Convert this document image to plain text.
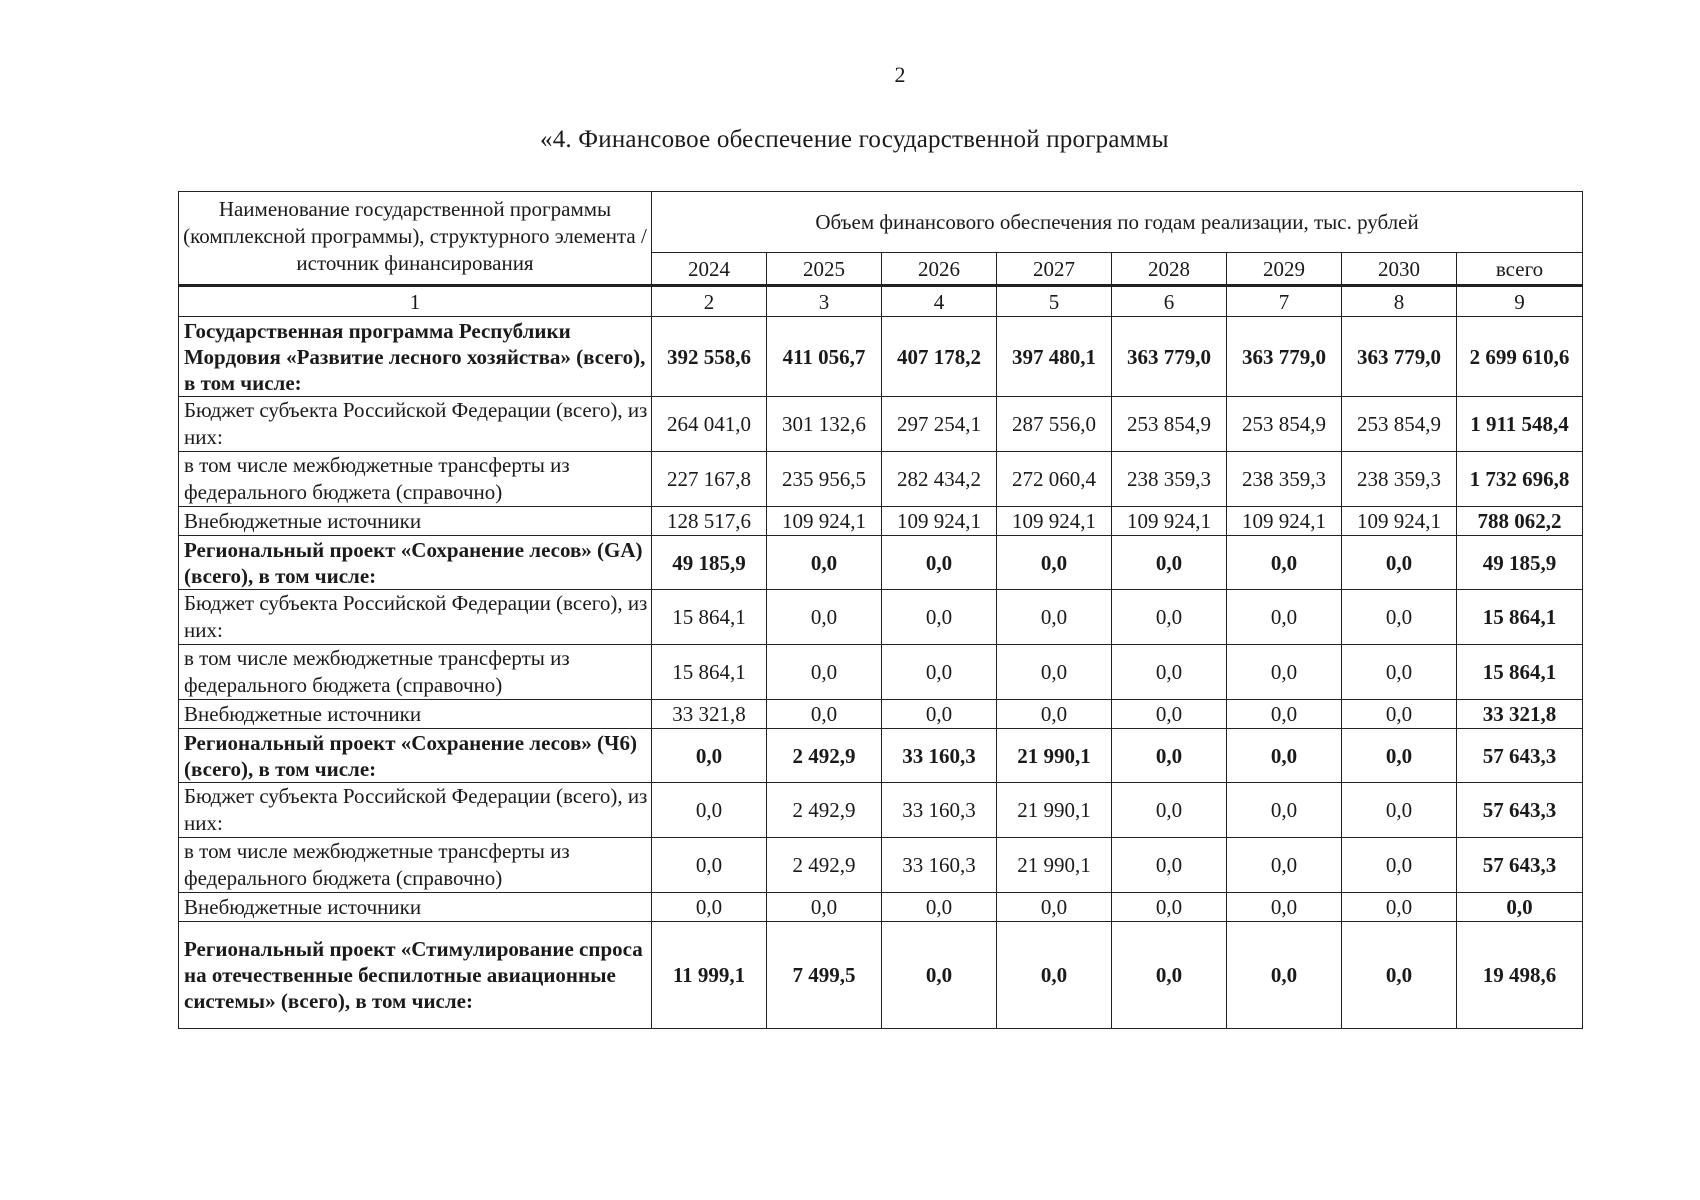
2
«4. Финансовое обеспечение государственной программы
Наименование государственной программы (комплексной программы), структурного элемента / источник финансирования	Объем финансового обеспечения по годам реализации, тыс. рублей							
	2024	2025	2026	2027	2028	2029	2030	всего
1	2	3	4	5	6	7	8	9
Государственная программа Республики Мордовия «Развитие лесного хозяйства» (всего), в том числе:	392 558,6	411 056,7	407 178,2	397 480,1	363 779,0	363 779,0	363 779,0	2 699 610,6
Бюджет субъекта Российской Федерации (всего), из них:	264 041,0	301 132,6	297 254,1	287 556,0	253 854,9	253 854,9	253 854,9	1 911 548,4
в том числе межбюджетные трансферты из федерального бюджета (справочно)	227 167,8	235 956,5	282 434,2	272 060,4	238 359,3	238 359,3	238 359,3	1 732 696,8
Внебюджетные источники	128 517,6	109 924,1	109 924,1	109 924,1	109 924,1	109 924,1	109 924,1	788 062,2
Региональный проект «Сохранение лесов» (GA) (всего), в том числе:	49 185,9	0,0	0,0	0,0	0,0	0,0	0,0	49 185,9
Бюджет субъекта Российской Федерации (всего), из них:	15 864,1	0,0	0,0	0,0	0,0	0,0	0,0	15 864,1
в том числе межбюджетные трансферты из федерального бюджета (справочно)	15 864,1	0,0	0,0	0,0	0,0	0,0	0,0	15 864,1
Внебюджетные источники	33 321,8	0,0	0,0	0,0	0,0	0,0	0,0	33 321,8
Региональный проект «Сохранение лесов» (Ч6) (всего), в том числе:	0,0	2 492,9	33 160,3	21 990,1	0,0	0,0	0,0	57 643,3
Бюджет субъекта Российской Федерации (всего), из них:	0,0	2 492,9	33 160,3	21 990,1	0,0	0,0	0,0	57 643,3
в том числе межбюджетные трансферты из федерального бюджета (справочно)	0,0	2 492,9	33 160,3	21 990,1	0,0	0,0	0,0	57 643,3
Внебюджетные источники	0,0	0,0	0,0	0,0	0,0	0,0	0,0	0,0
Региональный проект «Стимулирование спроса на отечественные беспилотные авиационные системы» (всего), в том числе:	11 999,1	7 499,5	0,0	0,0	0,0	0,0	0,0	19 498,6
